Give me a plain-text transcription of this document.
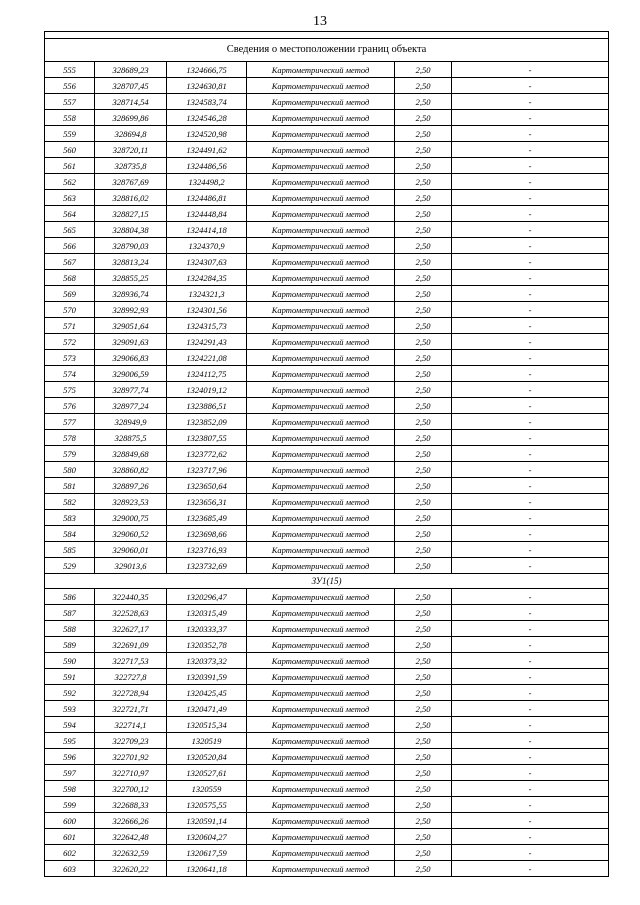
13

Сведения о местоположении границ объекта					
555	328689,23	1324666,75	Картометрический метод	2,50	-
556	328707,45	1324630,81	Картометрический метод	2,50	-
557	328714,54	1324583,74	Картометрический метод	2,50	-
558	328699,86	1324546,28	Картометрический метод	2,50	-
559	328694,8	1324520,98	Картометрический метод	2,50	-
560	328720,11	1324491,62	Картометрический метод	2,50	-
561	328735,8	1324486,56	Картометрический метод	2,50	-
562	328767,69	1324498,2	Картометрический метод	2,50	-
563	328816,02	1324486,81	Картометрический метод	2,50	-
564	328827,15	1324448,84	Картометрический метод	2,50	-
565	328804,38	1324414,18	Картометрический метод	2,50	-
566	328790,03	1324370,9	Картометрический метод	2,50	-
567	328813,24	1324307,63	Картометрический метод	2,50	-
568	328855,25	1324284,35	Картометрический метод	2,50	-
569	328936,74	1324321,3	Картометрический метод	2,50	-
570	328992,93	1324301,56	Картометрический метод	2,50	-
571	329051,64	1324315,73	Картометрический метод	2,50	-
572	329091,63	1324291,43	Картометрический метод	2,50	-
573	329066,83	1324221,08	Картометрический метод	2,50	-
574	329006,59	1324112,75	Картометрический метод	2,50	-
575	328977,74	1324019,12	Картометрический метод	2,50	-
576	328977,24	1323886,51	Картометрический метод	2,50	-
577	328949,9	1323852,09	Картометрический метод	2,50	-
578	328875,5	1323807,55	Картометрический метод	2,50	-
579	328849,68	1323772,62	Картометрический метод	2,50	-
580	328860,82	1323717,96	Картометрический метод	2,50	-
581	328897,26	1323650,64	Картометрический метод	2,50	-
582	328923,53	1323656,31	Картометрический метод	2,50	-
583	329000,75	1323685,49	Картометрический метод	2,50	-
584	329060,52	1323698,66	Картометрический метод	2,50	-
585	329060,01	1323716,93	Картометрический метод	2,50	-
529	329013,6	1323732,69	Картометрический метод	2,50	-
ЗУ1(15)					
586	322440,35	1320296,47	Картометрический метод	2,50	-
587	322528,63	1320315,49	Картометрический метод	2,50	-
588	322627,17	1320333,37	Картометрический метод	2,50	-
589	322691,09	1320352,78	Картометрический метод	2,50	-
590	322717,53	1320373,32	Картометрический метод	2,50	-
591	322727,8	1320391,59	Картометрический метод	2,50	-
592	322728,94	1320425,45	Картометрический метод	2,50	-
593	322721,71	1320471,49	Картометрический метод	2,50	-
594	322714,1	1320515,34	Картометрический метод	2,50	-
595	322709,23	1320519	Картометрический метод	2,50	-
596	322701,92	1320520,84	Картометрический метод	2,50	-
597	322710,97	1320527,61	Картометрический метод	2,50	-
598	322700,12	1320559	Картометрический метод	2,50	-
599	322688,33	1320575,55	Картометрический метод	2,50	-
600	322666,26	1320591,14	Картометрический метод	2,50	-
601	322642,48	1320604,27	Картометрический метод	2,50	-
602	322632,59	1320617,59	Картометрический метод	2,50	-
603	322620,22	1320641,18	Картометрический метод	2,50	-
